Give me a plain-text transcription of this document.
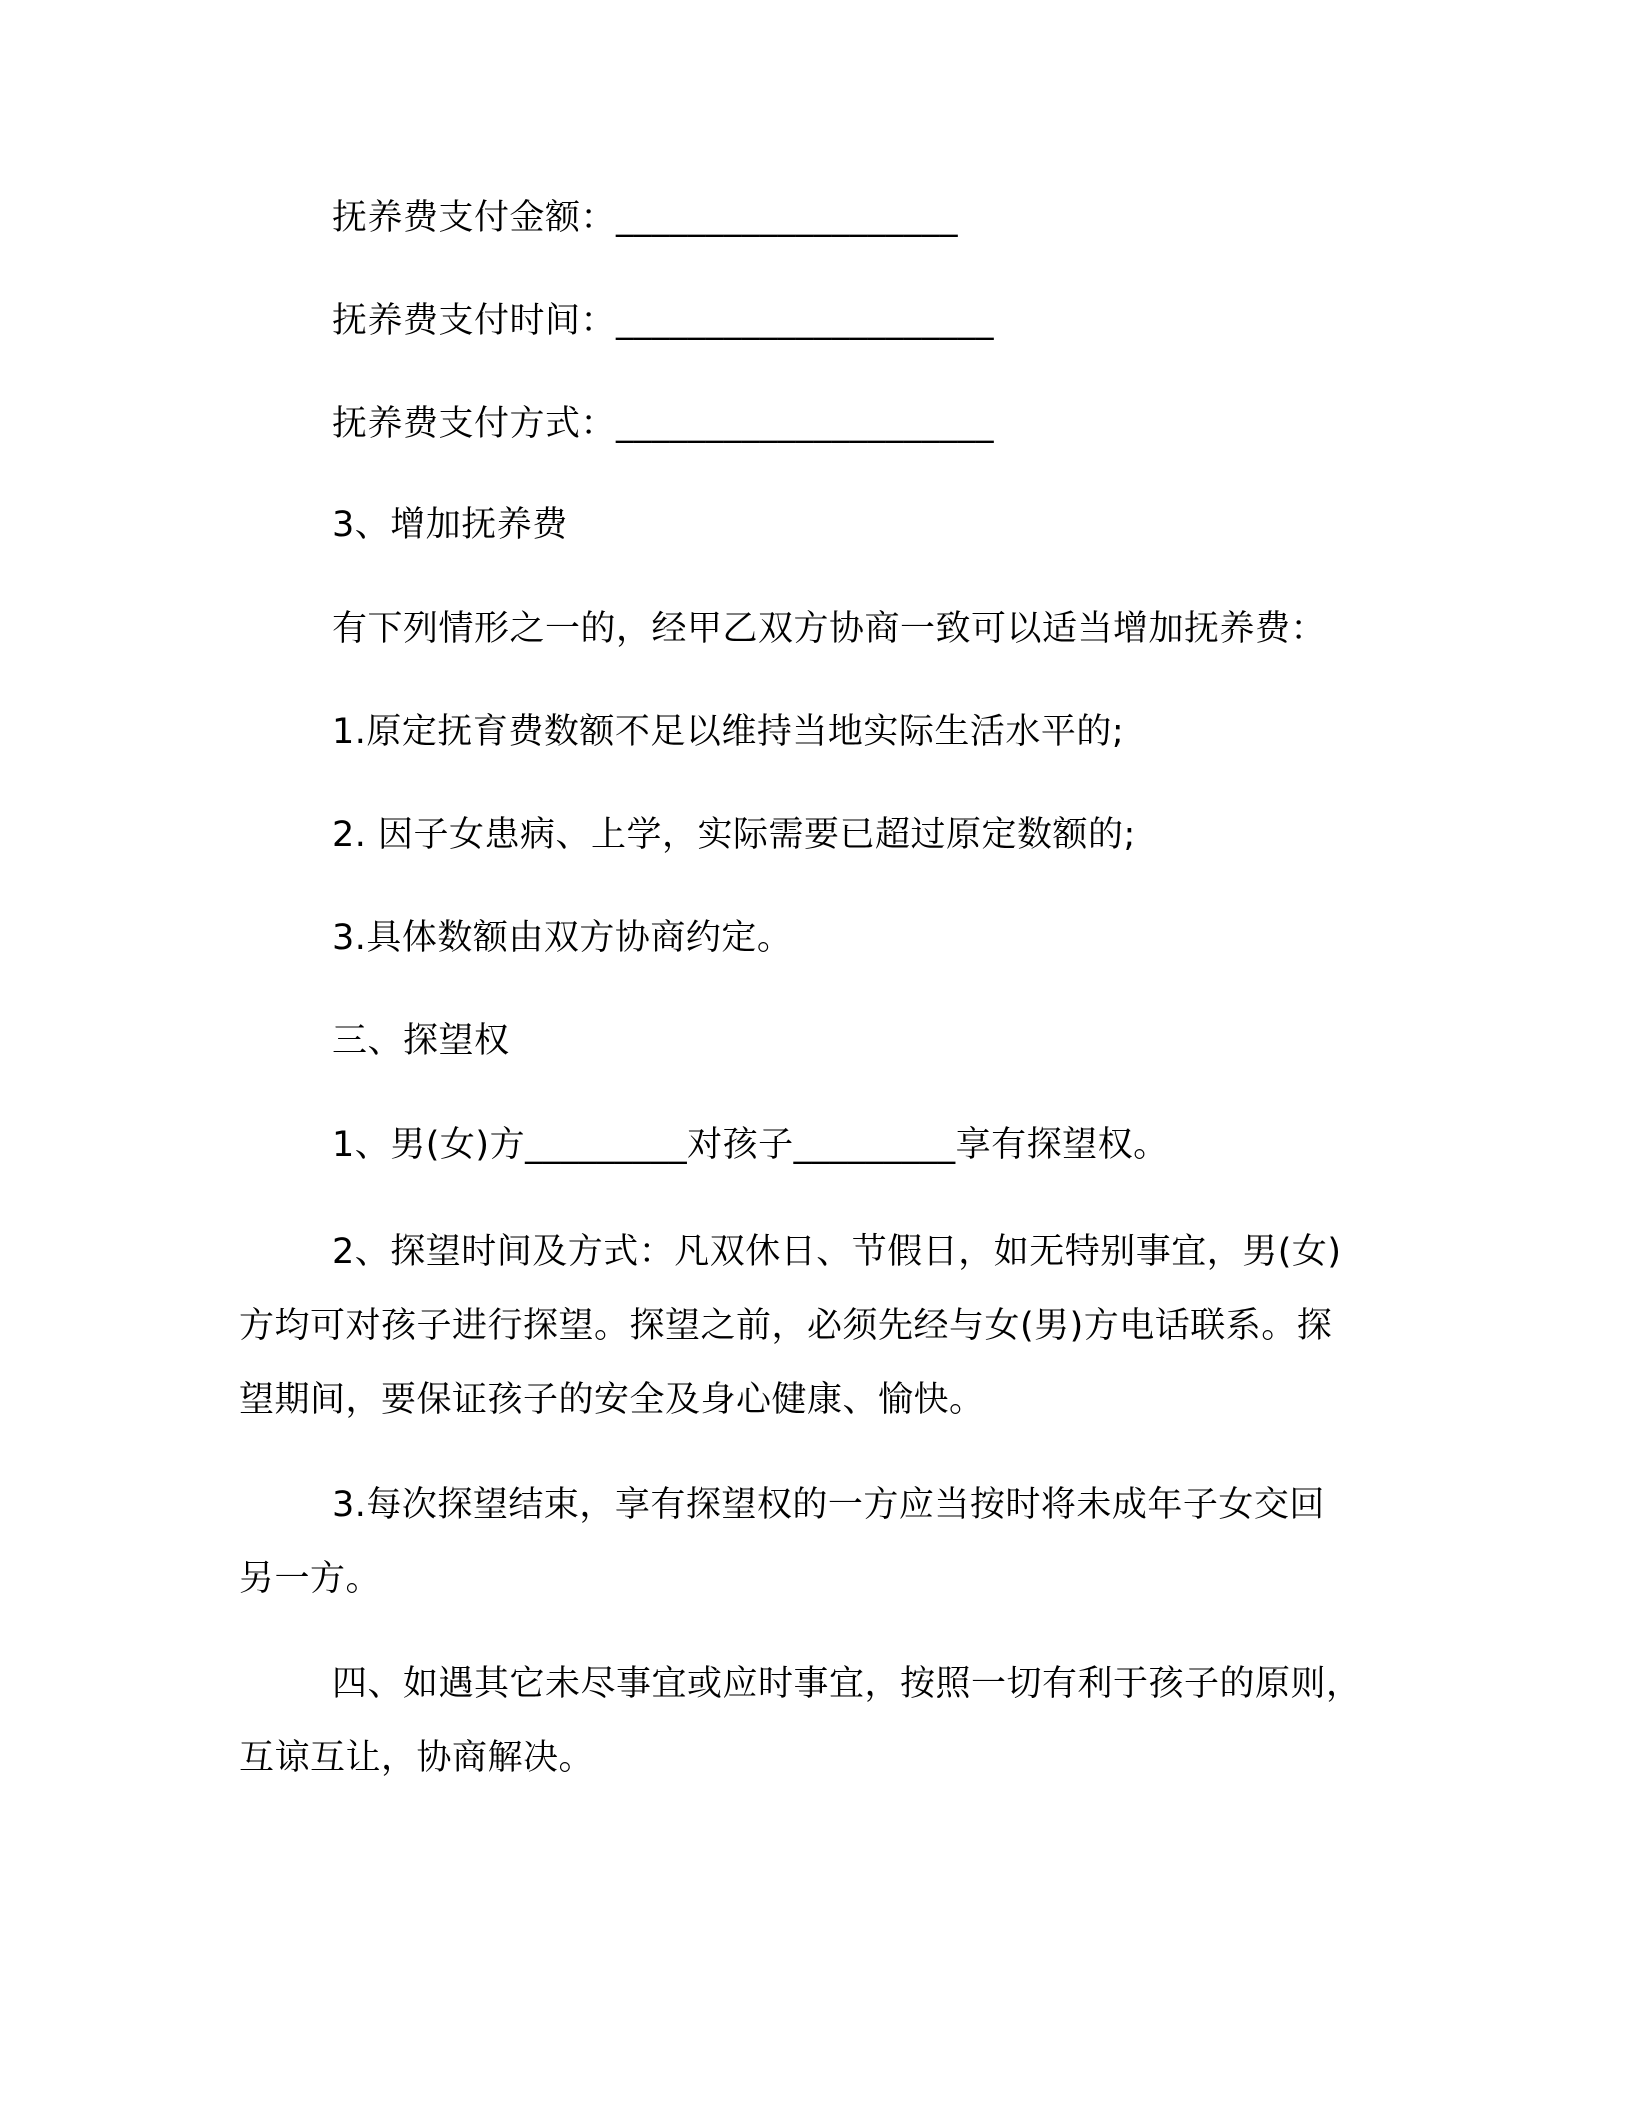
抚养费支付金额：___________________
抚养费支付时间：_____________________
抚养费支付方式：_____________________
3、增加抚养费
有下列情形之一的，经甲乙双方协商一致可以适当增加抚养费：
1.原定抚育费数额不足以维持当地实际生活水平的;
2. 因子女患病、上学，实际需要已超过原定数额的;
3.具体数额由双方协商约定。
三、探望权
1、男(女)方_________对孩子_________享有探望权。
2、探望时间及方式：凡双休日、节假日，如无特别事宜，男(女)
方均可对孩子进行探望。探望之前，必须先经与女(男)方电话联系。探
望期间，要保证孩子的安全及身心健康、愉快。
3.每次探望结束，享有探望权的一方应当按时将未成年子女交回
另一方。
四、如遇其它未尽事宜或应时事宜，按照一切有利于孩子的原则，
互谅互让，协商解决。
